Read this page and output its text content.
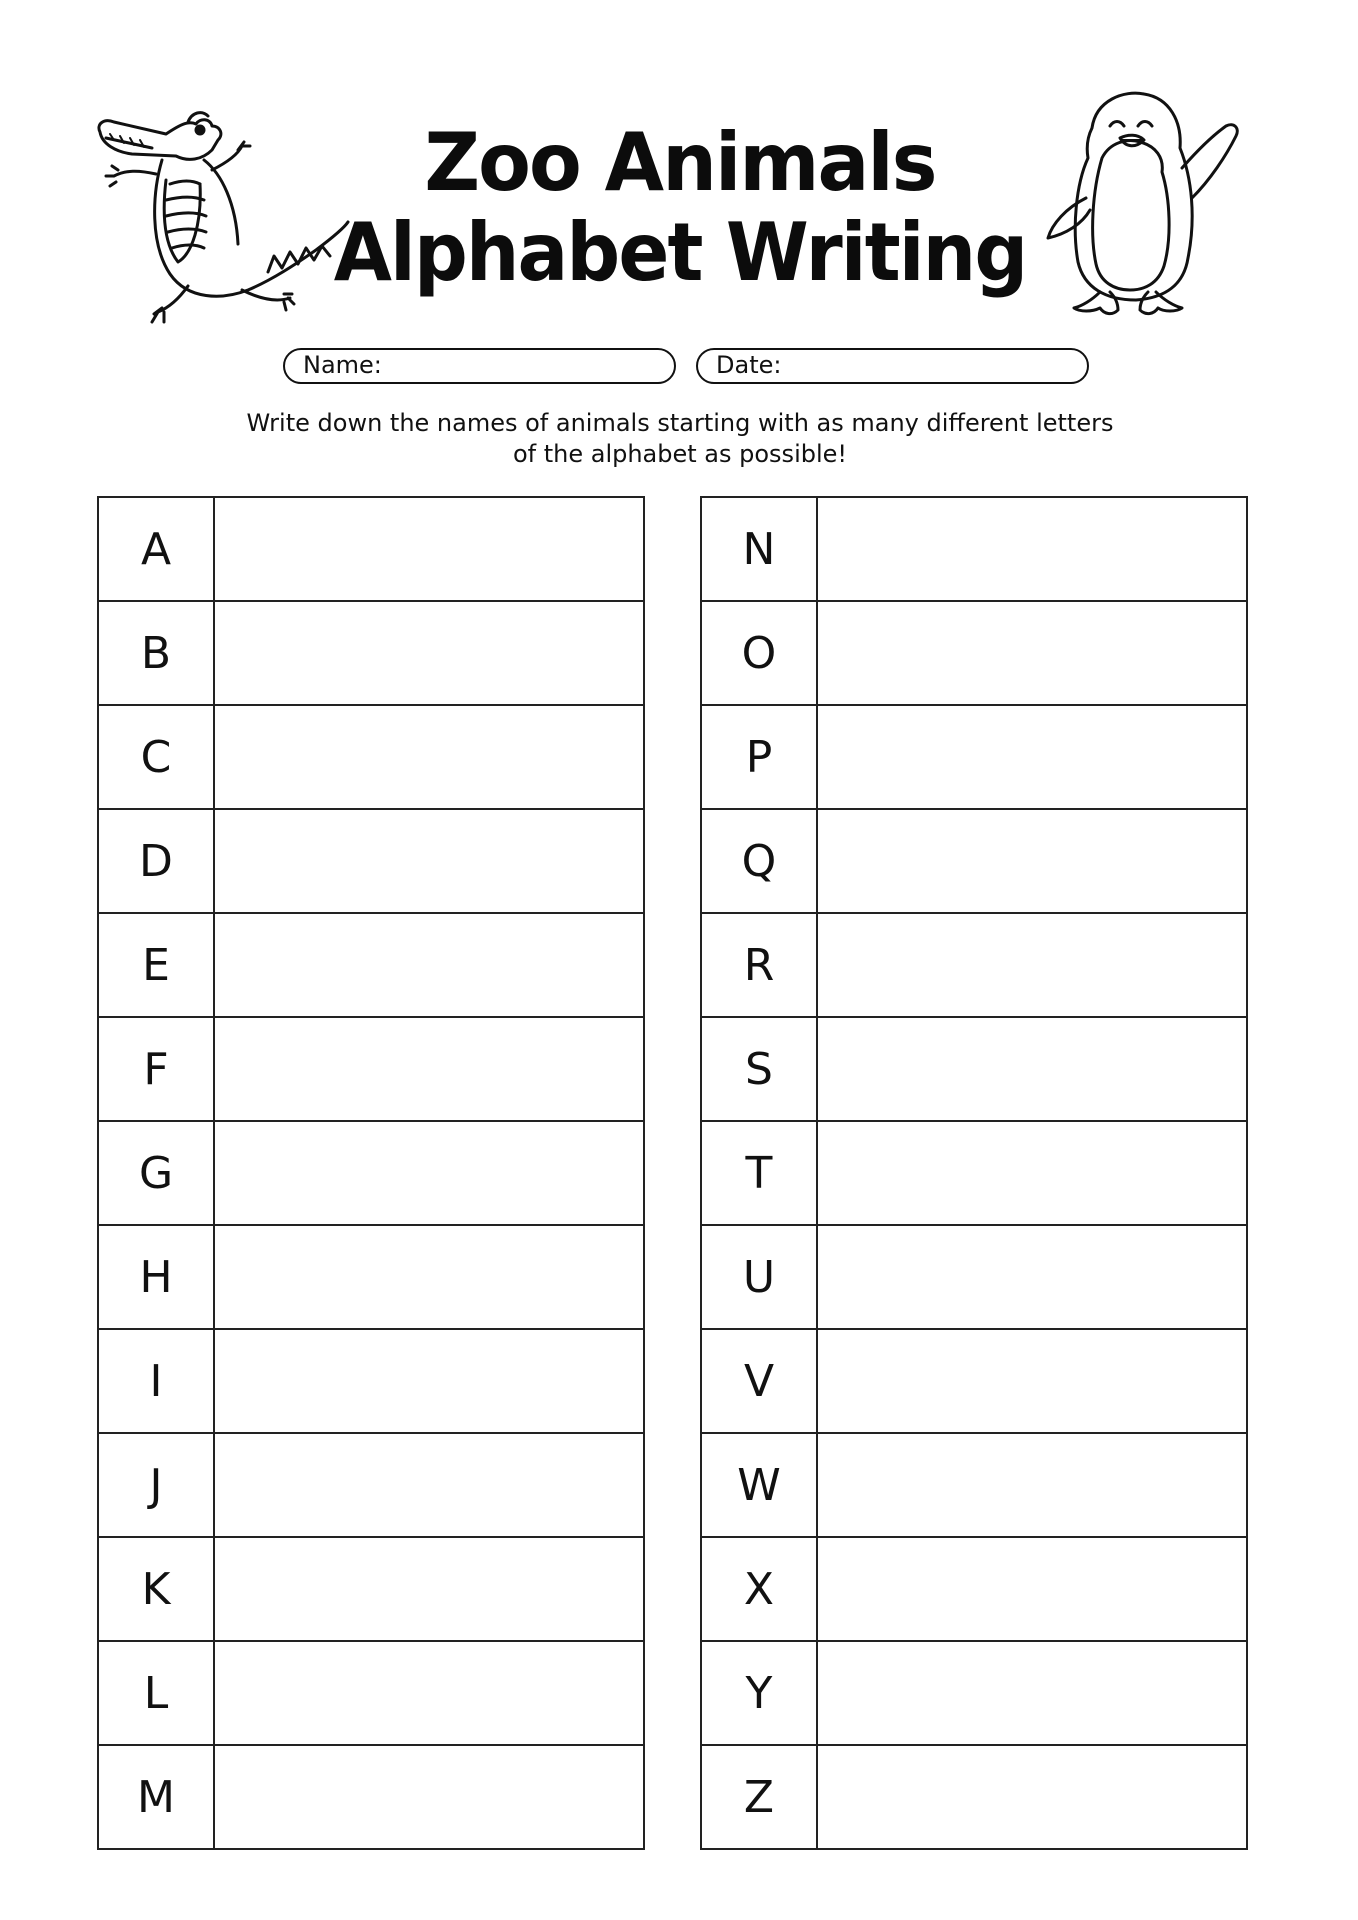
Zoo Animals
Alphabet Writing
Name:	Date:
Write down the names of animals starting with as many different letters
of the alphabet as possible!
A
B
C
D
E
F
G
H
I
J
K
L
M
N
O
P
Q
R
S
T
U
V
W
X
Y
Z
